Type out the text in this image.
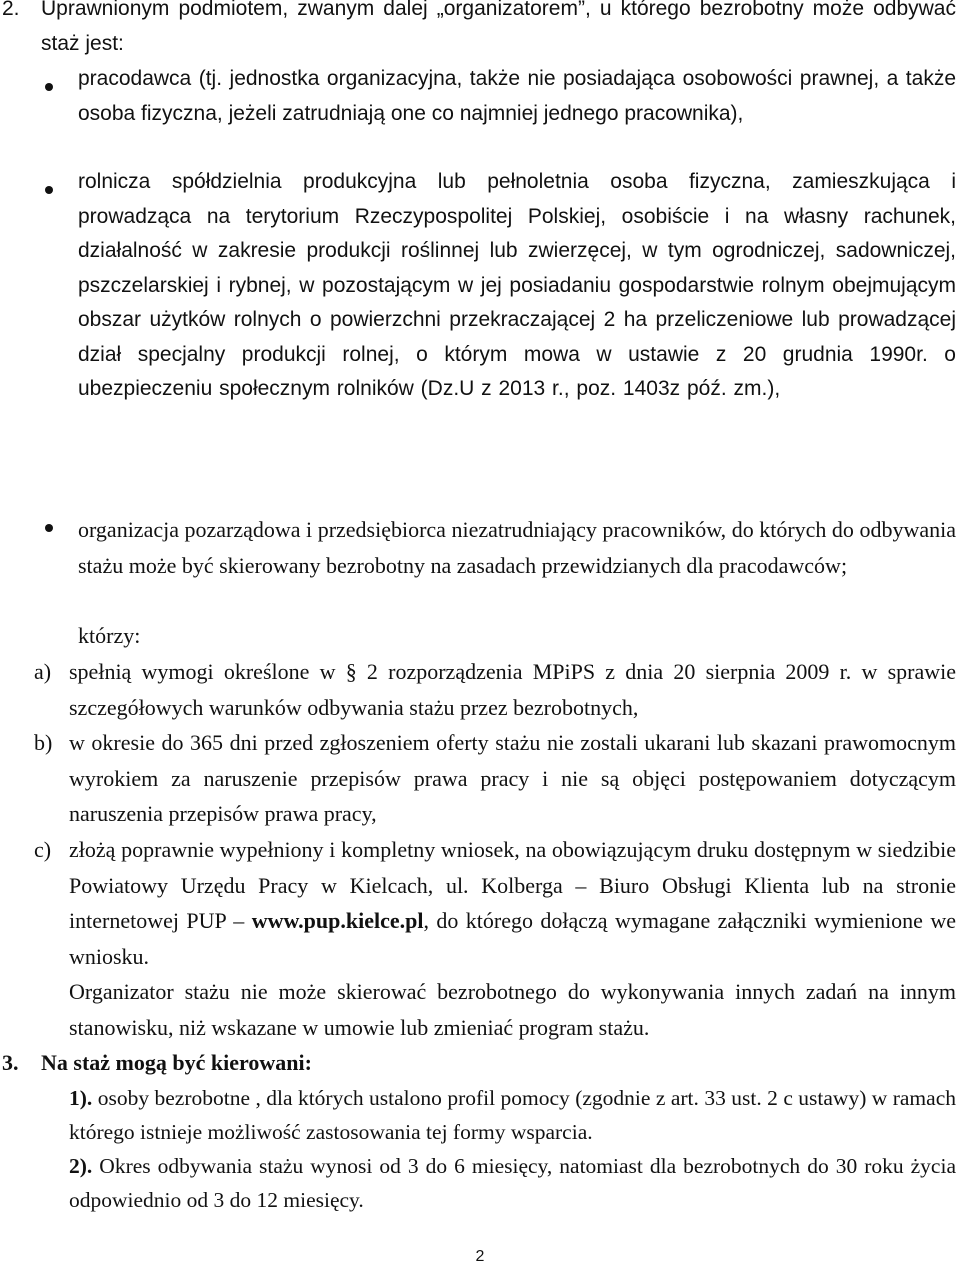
2. Uprawnionym podmiotem, zwanym dalej „organizatorem”, u którego bezrobotny może odbywać staż jest:
pracodawca (tj. jednostka organizacyjna, także nie posiadająca osobowości prawnej, a także osoba fizyczna, jeżeli zatrudniają one co najmniej jednego pracownika),
rolnicza spółdzielnia produkcyjna lub pełnoletnia osoba fizyczna, zamieszkująca i prowadząca na terytorium Rzeczypospolitej Polskiej, osobiście i na własny rachunek, działalność w zakresie produkcji roślinnej lub zwierzęcej, w tym ogrodniczej, sadowniczej, pszczelarskiej i rybnej, w pozostającym w jej posiadaniu gospodarstwie rolnym obejmującym obszar użytków rolnych o powierzchni przekraczającej 2 ha przeliczeniowe lub prowadzącej dział specjalny produkcji rolnej, o którym mowa w ustawie z 20 grudnia 1990r. o ubezpieczeniu społecznym rolników (Dz.U z 2013 r., poz. 1403z póź. zm.),
organizacja pozarządowa i przedsiębiorca niezatrudniający pracowników, do których do odbywania stażu może być skierowany bezrobotny na zasadach przewidzianych dla pracodawców;
którzy:
a) spełnią wymogi określone w § 2 rozporządzenia MPiPS z dnia 20 sierpnia 2009 r. w sprawie szczegółowych warunków odbywania stażu przez bezrobotnych,
b) w okresie do 365 dni przed zgłoszeniem oferty stażu nie zostali ukarani lub skazani prawomocnym wyrokiem za naruszenie przepisów prawa pracy i nie są objęci postępowaniem dotyczącym naruszenia przepisów prawa pracy,
c) złożą poprawnie wypełniony i kompletny wniosek, na obowiązującym druku dostępnym w siedzibie Powiatowy Urzędu Pracy w Kielcach, ul. Kolberga – Biuro Obsługi Klienta lub na stronie internetowej PUP – www.pup.kielce.pl, do którego dołączą wymagane załączniki wymienione we wniosku.
Organizator stażu nie może skierować bezrobotnego do wykonywania innych zadań na innym stanowisku, niż wskazane w umowie lub zmieniać program stażu.
3. Na staż mogą być kierowani:
1). osoby bezrobotne , dla których ustalono profil pomocy (zgodnie z art. 33 ust. 2 c ustawy) w ramach którego istnieje możliwość zastosowania tej formy wsparcia.
2). Okres odbywania stażu wynosi od 3 do 6 miesięcy, natomiast dla bezrobotnych do 30 roku życia odpowiednio od 3 do 12 miesięcy.
2
